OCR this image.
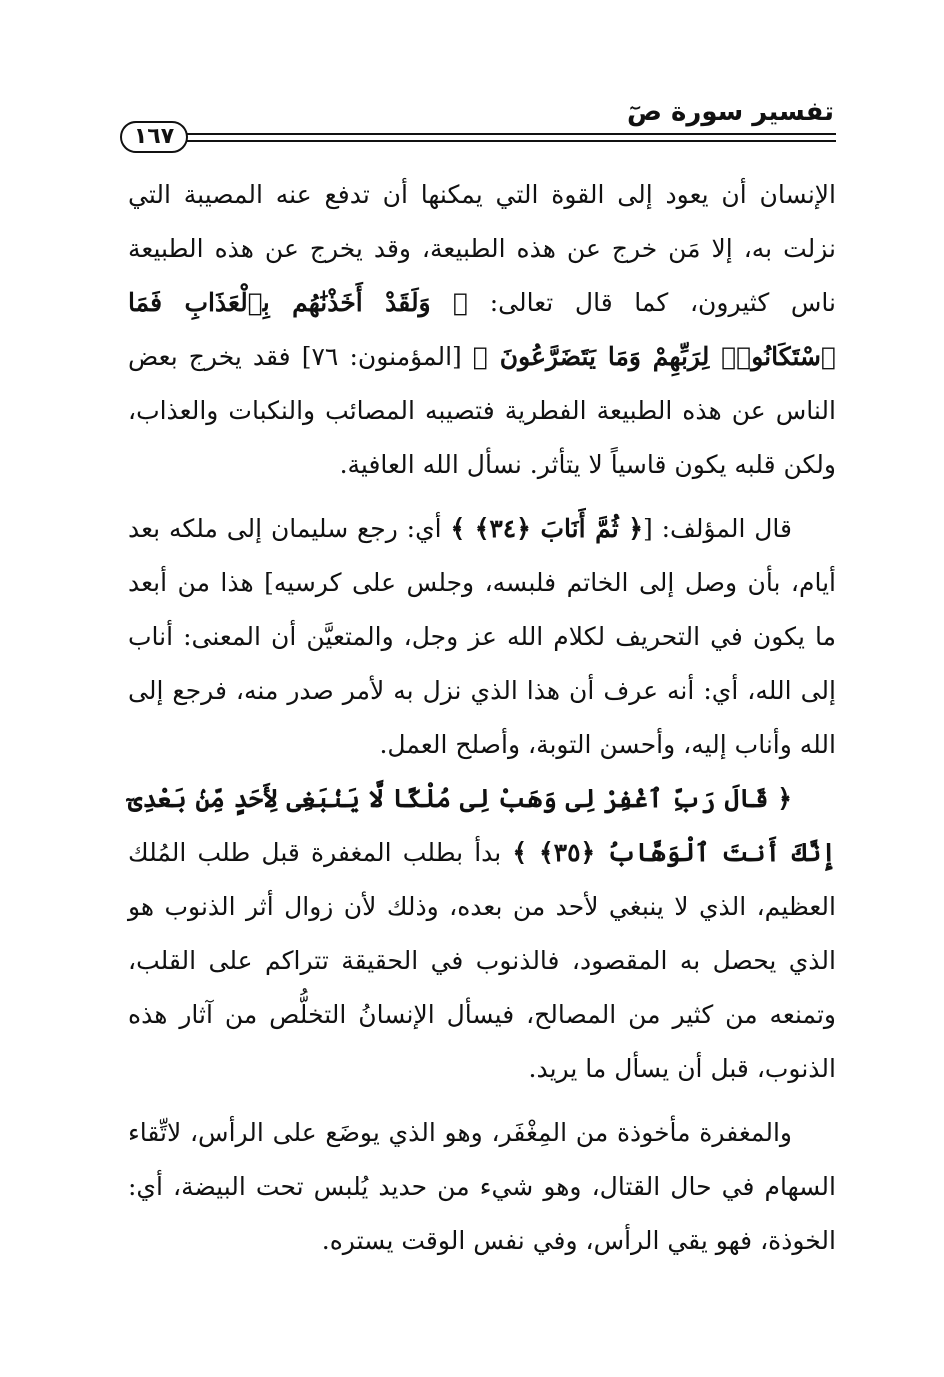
تفسير سورة صٓ
١٦٧

الإنسان أن يعود إلى القوة التي يمكنها أن تدفع عنه المصيبة التي نزلت به، إلا مَن خرج عن هذه الطبيعة، وقد يخرج عن هذه الطبيعة ناس كثيرون، كما قال تعالى: ﴿ وَلَقَدْ أَخَذْنَٰهُم بِٱلْعَذَابِ فَمَا ٱسْتَكَانُوا۟ لِرَبِّهِمْ وَمَا يَتَضَرَّعُونَ ﴾ [المؤمنون: ٧٦] فقد يخرج بعض الناس عن هذه الطبيعة الفطرية فتصيبه المصائب والنكبات والعذاب، ولكن قلبه يكون قاسياً لا يتأثر. نسأل الله العافية.

قال المؤلف: [﴿ ثُمَّ أَنَابَ ﴿٣٤﴾ ﴾ أي: رجع سليمان إلى ملكه بعد أيام، بأن وصل إلى الخاتم فلبسه، وجلس على كرسيه] هذا من أبعد ما يكون في التحريف لكلام الله عز وجل، والمتعيَّن أن المعنى: أناب إلى الله، أي: أنه عرف أن هذا الذي نزل به لأمر صدر منه، فرجع إلى الله وأناب إليه، وأحسن التوبة، وأصلح العمل.

﴿ قَالَ رَبِّ ٱغْفِرْ لِى وَهَبْ لِى مُلْكًا لَّا يَنۢبَغِى لِأَحَدٍ مِّنۢ بَعْدِىٓ إِنَّكَ أَنتَ ٱلْوَهَّابُ ﴿٣٥﴾ ﴾ بدأ بطلب المغفرة قبل طلب المُلك العظيم، الذي لا ينبغي لأحد من بعده، وذلك لأن زوال أثر الذنوب هو الذي يحصل به المقصود، فالذنوب في الحقيقة تتراكم على القلب، وتمنعه من كثير من المصالح، فيسأل الإنسانُ التخلُّص من آثار هذه الذنوب، قبل أن يسأل ما يريد.

والمغفرة مأخوذة من المِغْفَر، وهو الذي يوضَع على الرأس، لاتِّقاء السهام في حال القتال، وهو شيء من حديد يُلبس تحت البيضة، أي: الخوذة، فهو يقي الرأس، وفي نفس الوقت يستره.
